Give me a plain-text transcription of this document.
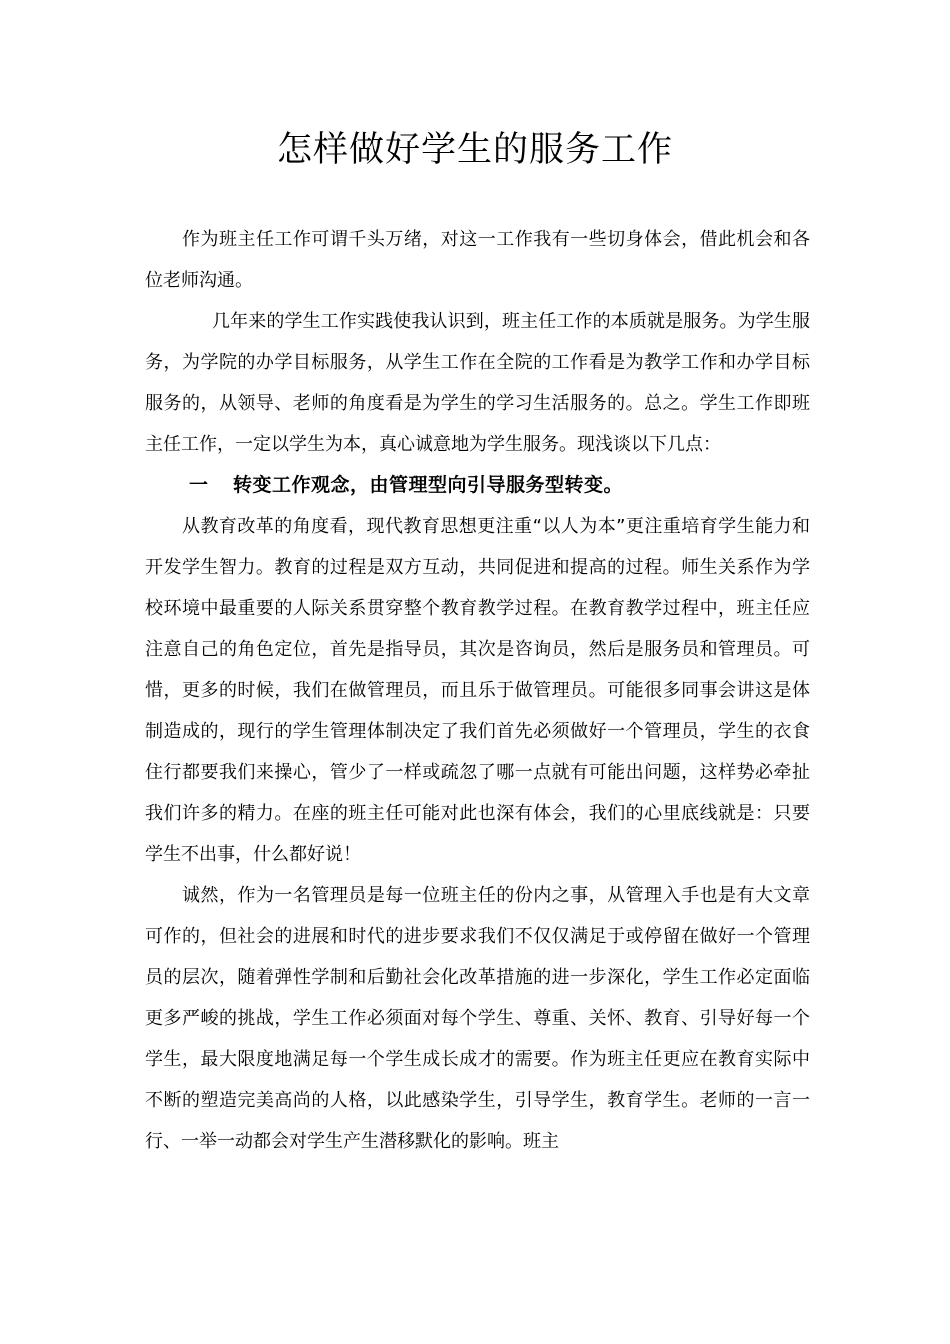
怎样做好学生的服务工作

作为班主任工作可谓千头万绪，对这一工作我有一些切身体会，借此机会和各位老师沟通。

几年来的学生工作实践使我认识到，班主任工作的本质就是服务。为学生服务，为学院的办学目标服务，从学生工作在全院的工作看是为教学工作和办学目标服务的，从领导、老师的角度看是为学生的学习生活服务的。总之。学生工作即班主任工作，一定以学生为本，真心诚意地为学生服务。现浅谈以下几点：

一 转变工作观念，由管理型向引导服务型转变。

从教育改革的角度看，现代教育思想更注重“以人为本”更注重培育学生能力和开发学生智力。教育的过程是双方互动，共同促进和提高的过程。师生关系作为学校环境中最重要的人际关系贯穿整个教育教学过程。在教育教学过程中，班主任应注意自己的角色定位，首先是指导员，其次是咨询员，然后是服务员和管理员。可惜，更多的时候，我们在做管理员，而且乐于做管理员。可能很多同事会讲这是体制造成的，现行的学生管理体制决定了我们首先必须做好一个管理员，学生的衣食住行都要我们来操心，管少了一样或疏忽了哪一点就有可能出问题，这样势必牵扯我们许多的精力。在座的班主任可能对此也深有体会，我们的心里底线就是：只要学生不出事，什么都好说！

诚然，作为一名管理员是每一位班主任的份内之事，从管理入手也是有大文章可作的，但社会的进展和时代的进步要求我们不仅仅满足于或停留在做好一个管理员的层次，随着弹性学制和后勤社会化改革措施的进一步深化，学生工作必定面临更多严峻的挑战，学生工作必须面对每个学生、尊重、关怀、教育、引导好每一个学生，最大限度地满足每一个学生成长成才的需要。作为班主任更应在教育实际中不断的塑造完美高尚的人格，以此感染学生，引导学生，教育学生。老师的一言一行、一举一动都会对学生产生潜移默化的影响。班主
